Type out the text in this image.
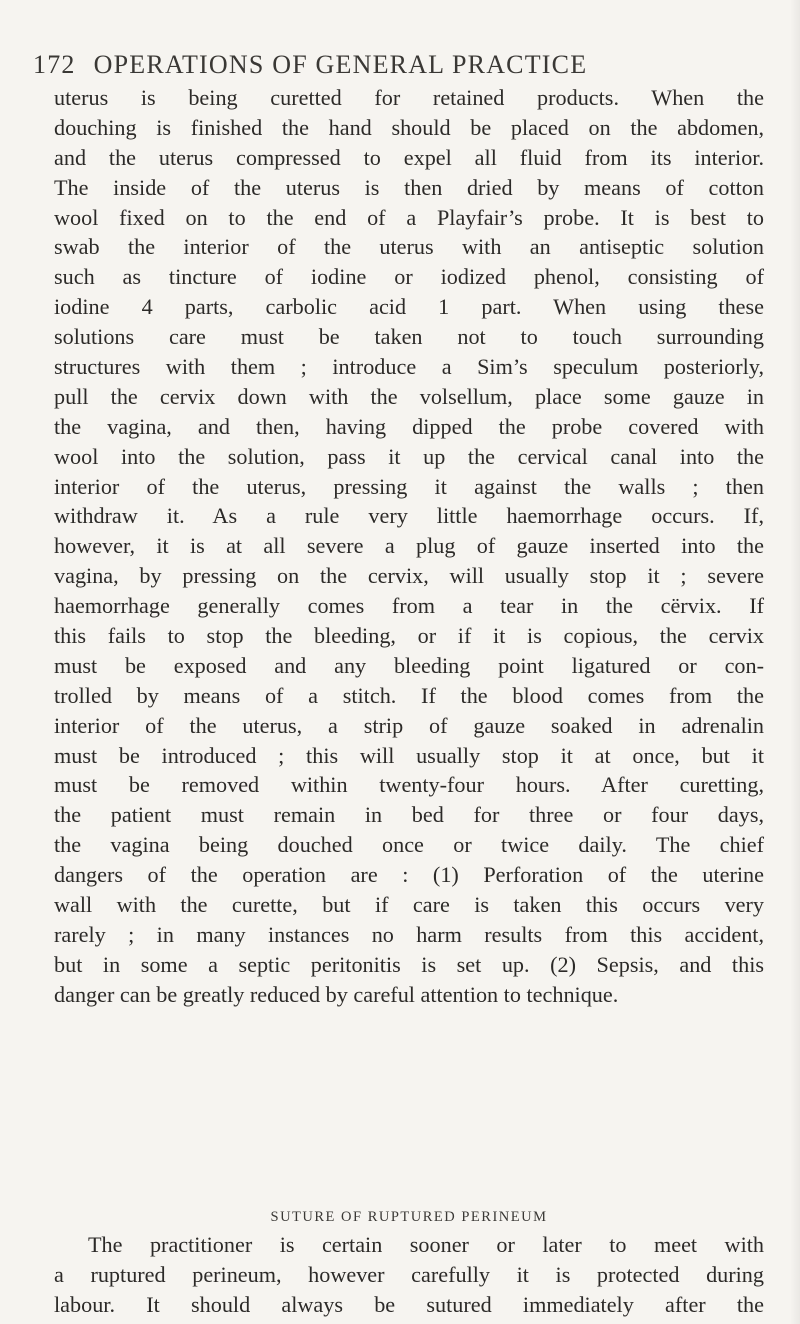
172 OPERATIONS OF GENERAL PRACTICE
uterus is being curetted for retained products. When the
douching is finished the hand should be placed on the abdomen,
and the uterus compressed to expel all fluid from its interior.
The inside of the uterus is then dried by means of cotton
wool fixed on to the end of a Playfair’s probe. It is best to
swab the interior of the uterus with an antiseptic solution
such as tincture of iodine or iodized phenol, consisting of
iodine 4 parts, carbolic acid 1 part. When using these
solutions care must be taken not to touch surrounding
structures with them ; introduce a Sim’s speculum posteriorly,
pull the cervix down with the volsellum, place some gauze in
the vagina, and then, having dipped the probe covered with
wool into the solution, pass it up the cervical canal into the
interior of the uterus, pressing it against the walls ; then
withdraw it. As a rule very little haemorrhage occurs. If,
however, it is at all severe a plug of gauze inserted into the
vagina, by pressing on the cervix, will usually stop it ; severe
haemorrhage generally comes from a tear in the cërvix. If
this fails to stop the bleeding, or if it is copious, the cervix
must be exposed and any bleeding point ligatured or con-
trolled by means of a stitch. If the blood comes from the
interior of the uterus, a strip of gauze soaked in adrenalin
must be introduced ; this will usually stop it at once, but it
must be removed within twenty-four hours. After curetting,
the patient must remain in bed for three or four days,
the vagina being douched once or twice daily. The chief
dangers of the operation are : (1) Perforation of the uterine
wall with the curette, but if care is taken this occurs very
rarely ; in many instances no harm results from this accident,
but in some a septic peritonitis is set up. (2) Sepsis, and this
danger can be greatly reduced by careful attention to technique.
SUTURE OF RUPTURED PERINEUM
The practitioner is certain sooner or later to meet with
a ruptured perineum, however carefully it is protected during
labour. It should always be sutured immediately after the
